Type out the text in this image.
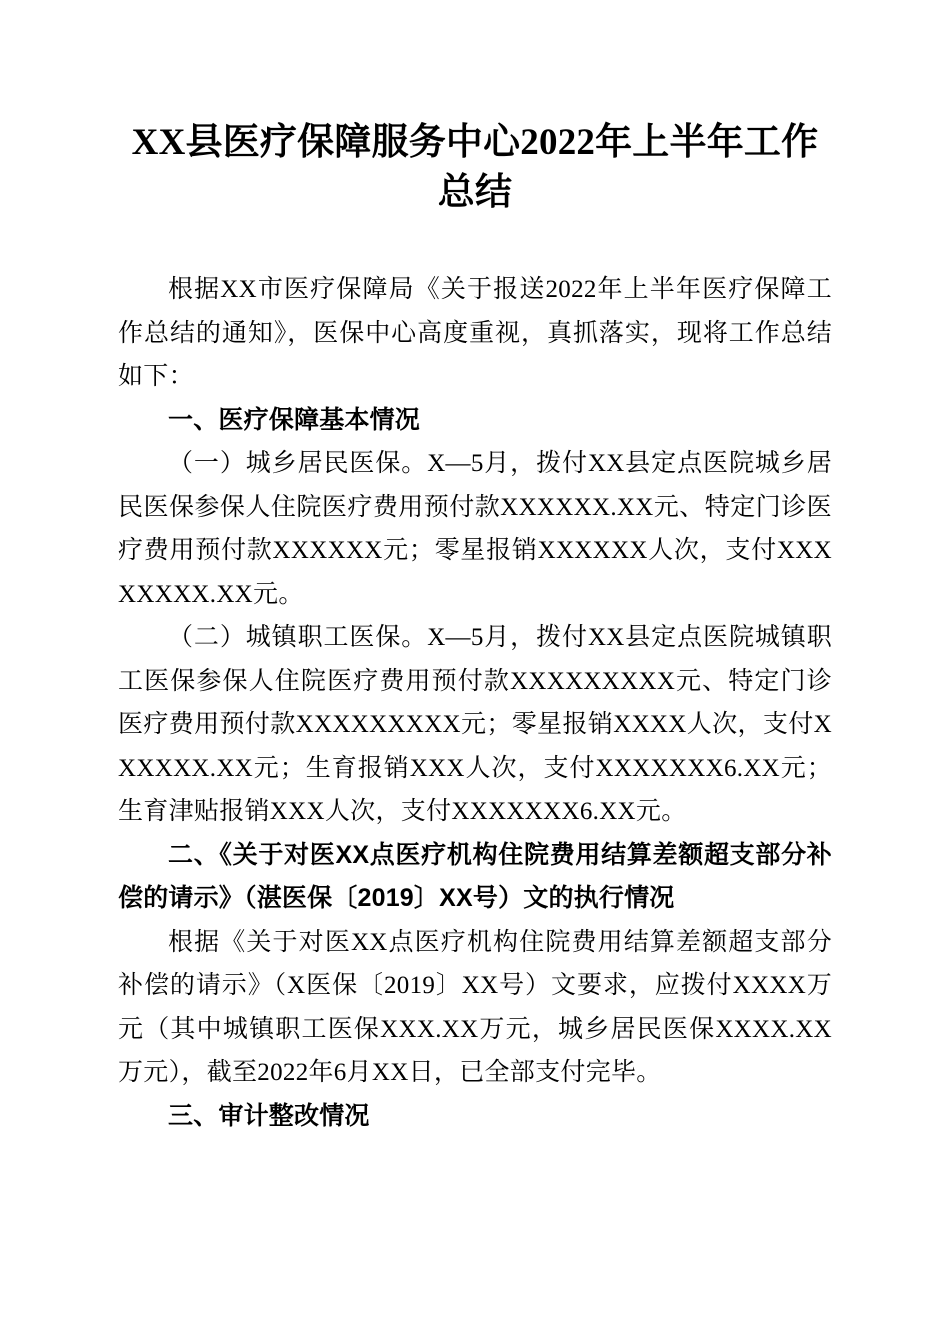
XX县医疗保障服务中心2022年上半年工作总结

根据XX市医疗保障局《关于报送2022年上半年医疗保障工作总结的通知》，医保中心高度重视，真抓落实，现将工作总结如下：

一、医疗保障基本情况

（一）城乡居民医保。X—5月，拨付XX县定点医院城乡居民医保参保人住院医疗费用预付款XXXXXX.XX元、特定门诊医疗费用预付款XXXXXX元；零星报销XXXXXX人次，支付XXXXXXXX.XX元。

（二）城镇职工医保。X—5月，拨付XX县定点医院城镇职工医保参保人住院医疗费用预付款XXXXXXXXX元、特定门诊医疗费用预付款XXXXXXXXX元；零星报销XXXX人次，支付XXXXXX.XX元；生育报销XXX人次，支付XXXXXXX6.XX元；生育津贴报销XXX人次，支付XXXXXXX6.XX元。

二、《关于对医XX点医疗机构住院费用结算差额超支部分补偿的请示》（湛医保〔2019〕XX号）文的执行情况

根据《关于对医XX点医疗机构住院费用结算差额超支部分补偿的请示》（X医保〔2019〕XX号）文要求，应拨付XXXX万元（其中城镇职工医保XXX.XX万元，城乡居民医保XXXX.XX万元），截至2022年6月XX日，已全部支付完毕。

三、审计整改情况
